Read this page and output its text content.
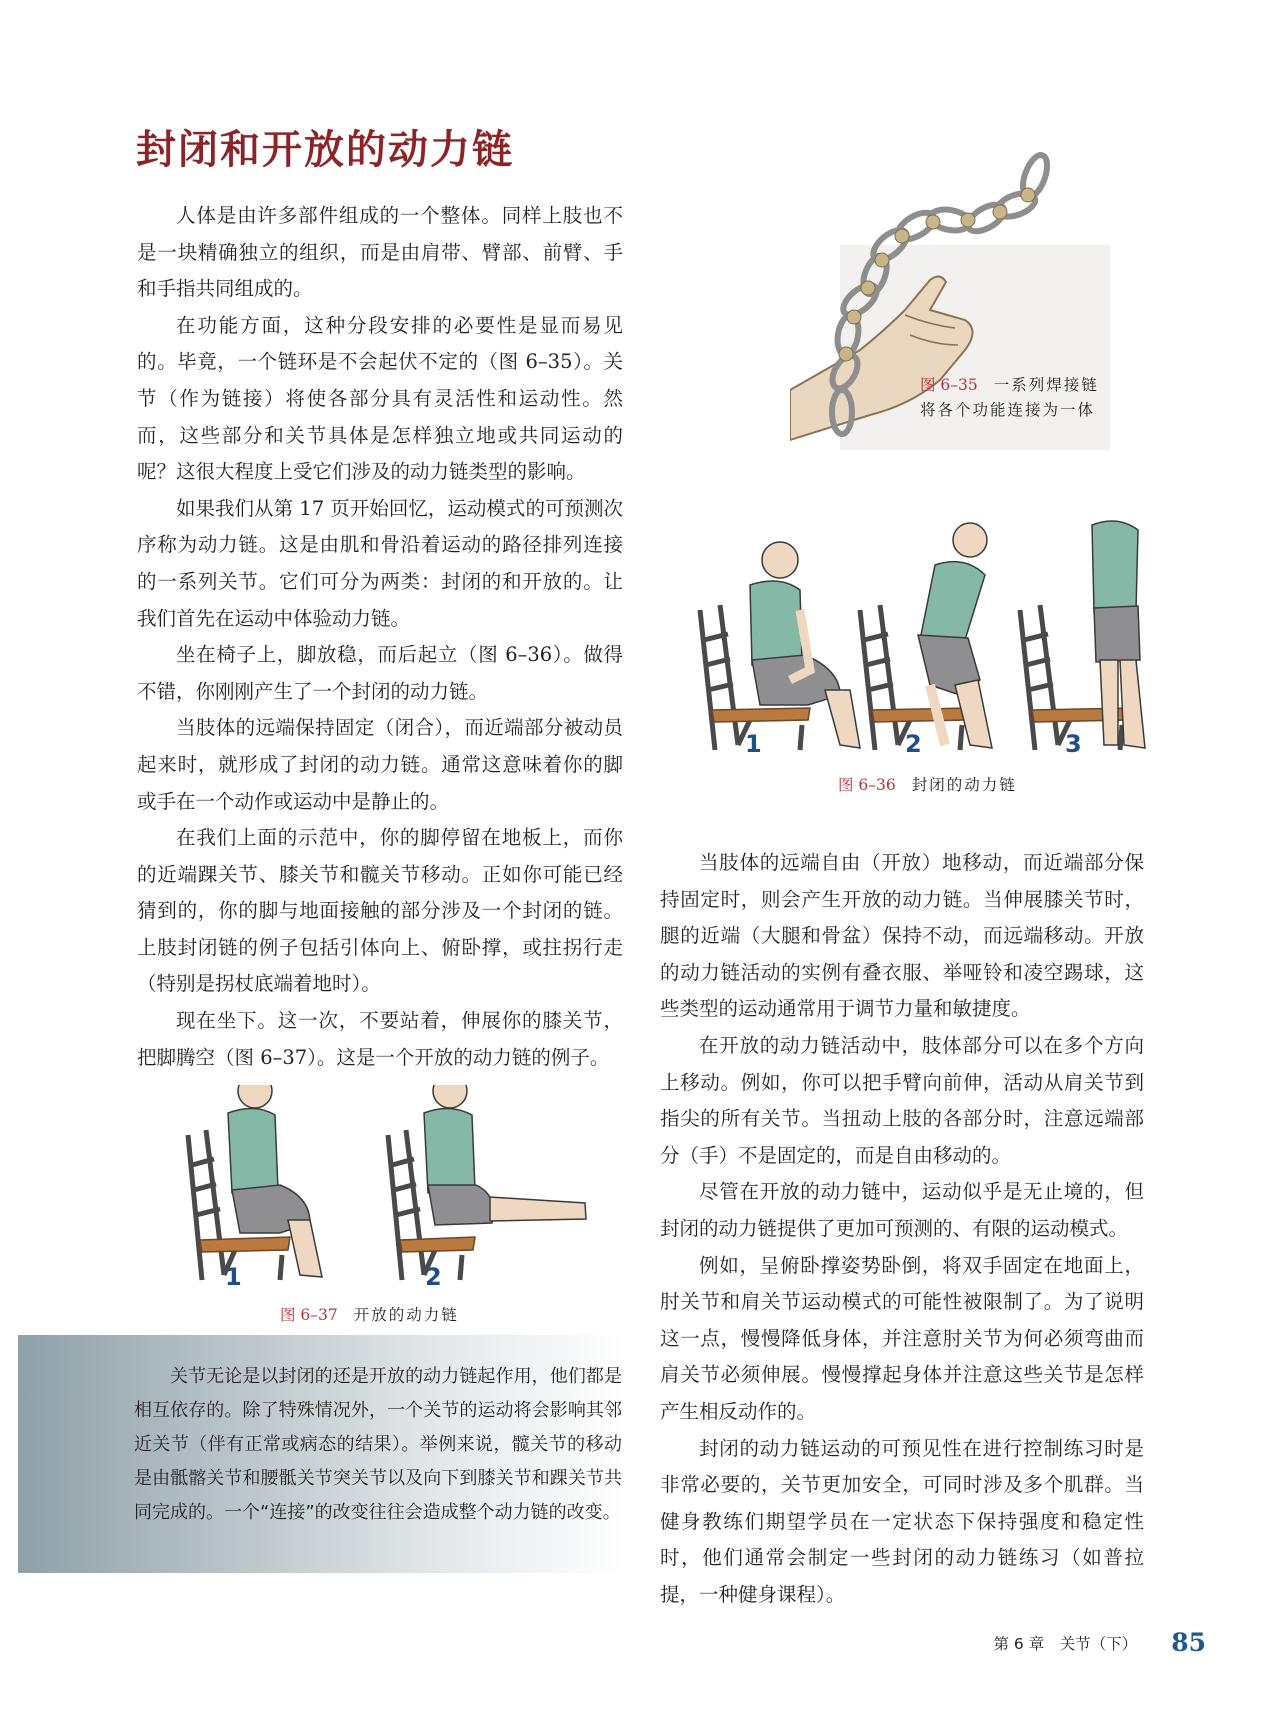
封闭和开放的动力链

人体是由许多部件组成的一个整体。同样上肢也不是一块精确独立的组织，而是由肩带、臂部、前臂、手和手指共同组成的。

在功能方面，这种分段安排的必要性是显而易见的。毕竟，一个链环是不会起伏不定的（图 6–35）。关节（作为链接）将使各部分具有灵活性和运动性。然而，这些部分和关节具体是怎样独立地或共同运动的呢？这很大程度上受它们涉及的动力链类型的影响。

如果我们从第 17 页开始回忆，运动模式的可预测次序称为动力链。这是由肌和骨沿着运动的路径排列连接的一系列关节。它们可分为两类：封闭的和开放的。让我们首先在运动中体验动力链。

坐在椅子上，脚放稳，而后起立（图 6–36）。做得不错，你刚刚产生了一个封闭的动力链。

当肢体的远端保持固定（闭合），而近端部分被动员起来时，就形成了封闭的动力链。通常这意味着你的脚或手在一个动作或运动中是静止的。

在我们上面的示范中，你的脚停留在地板上，而你的近端踝关节、膝关节和髋关节移动。正如你可能已经猜到的，你的脚与地面接触的部分涉及一个封闭的链。上肢封闭链的例子包括引体向上、俯卧撑，或拄拐行走（特别是拐杖底端着地时）。

现在坐下。这一次，不要站着，伸展你的膝关节，把脚腾空（图 6–37）。这是一个开放的动力链的例子。

图 6–35 一系列焊接链将各个功能连接为一体
1	2	3
图 6–36 封闭的动力链

当肢体的远端自由（开放）地移动，而近端部分保持固定时，则会产生开放的动力链。当伸展膝关节时，腿的近端（大腿和骨盆）保持不动，而远端移动。开放的动力链活动的实例有叠衣服、举哑铃和凌空踢球，这些类型的运动通常用于调节力量和敏捷度。

在开放的动力链活动中，肢体部分可以在多个方向上移动。例如，你可以把手臂向前伸，活动从肩关节到指尖的所有关节。当扭动上肢的各部分时，注意远端部分（手）不是固定的，而是自由移动的。

尽管在开放的动力链中，运动似乎是无止境的，但封闭的动力链提供了更加可预测的、有限的运动模式。

例如，呈俯卧撑姿势卧倒，将双手固定在地面上，肘关节和肩关节运动模式的可能性被限制了。为了说明这一点，慢慢降低身体，并注意肘关节为何必须弯曲而肩关节必须伸展。慢慢撑起身体并注意这些关节是怎样产生相反动作的。

封闭的动力链运动的可预见性在进行控制练习时是非常必要的，关节更加安全，可同时涉及多个肌群。当健身教练们期望学员在一定状态下保持强度和稳定性时，他们通常会制定一些封闭的动力链练习（如普拉提，一种健身课程）。

1	2
图 6–37 开放的动力链

关节无论是以封闭的还是开放的动力链起作用，他们都是相互依存的。除了特殊情况外，一个关节的运动将会影响其邻近关节（伴有正常或病态的结果）。举例来说，髋关节的移动是由骶髂关节和腰骶关节突关节以及向下到膝关节和踝关节共同完成的。一个“连接”的改变往往会造成整个动力链的改变。

第 6 章　关节（下） 85
